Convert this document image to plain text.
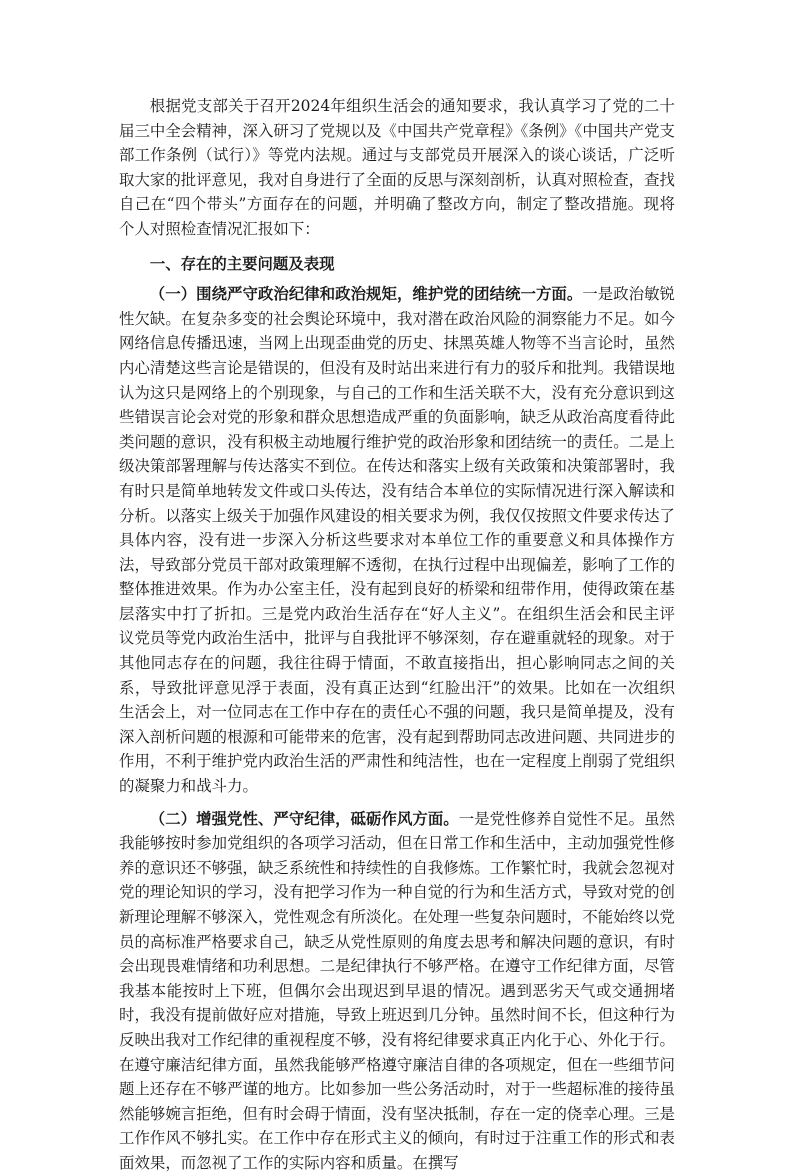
根据党支部关于召开2024年组织生活会的通知要求，我认真学习了党的二十届三中全会精神，深入研习了党规以及《中国共产党章程》《条例》《中国共产党支部工作条例（试行）》等党内法规。通过与支部党员开展深入的谈心谈话，广泛听取大家的批评意见，我对自身进行了全面的反思与深刻剖析，认真对照检查，查找自己在“四个带头”方面存在的问题，并明确了整改方向，制定了整改措施。现将个人对照检查情况汇报如下：

一、存在的主要问题及表现

（一）围绕严守政治纪律和政治规矩，维护党的团结统一方面。一是政治敏锐性欠缺。在复杂多变的社会舆论环境中，我对潜在政治风险的洞察能力不足。如今网络信息传播迅速，当网上出现歪曲党的历史、抹黑英雄人物等不当言论时，虽然内心清楚这些言论是错误的，但没有及时站出来进行有力的驳斥和批判。我错误地认为这只是网络上的个别现象，与自己的工作和生活关联不大，没有充分意识到这些错误言论会对党的形象和群众思想造成严重的负面影响，缺乏从政治高度看待此类问题的意识，没有积极主动地履行维护党的政治形象和团结统一的责任。二是上级决策部署理解与传达落实不到位。在传达和落实上级有关政策和决策部署时，我有时只是简单地转发文件或口头传达，没有结合本单位的实际情况进行深入解读和分析。以落实上级关于加强作风建设的相关要求为例，我仅仅按照文件要求传达了具体内容，没有进一步深入分析这些要求对本单位工作的重要意义和具体操作方法，导致部分党员干部对政策理解不透彻，在执行过程中出现偏差，影响了工作的整体推进效果。作为办公室主任，没有起到良好的桥梁和纽带作用，使得政策在基层落实中打了折扣。三是党内政治生活存在“好人主义”。在组织生活会和民主评议党员等党内政治生活中，批评与自我批评不够深刻，存在避重就轻的现象。对于其他同志存在的问题，我往往碍于情面，不敢直接指出，担心影响同志之间的关系，导致批评意见浮于表面，没有真正达到“红脸出汗”的效果。比如在一次组织生活会上，对一位同志在工作中存在的责任心不强的问题，我只是简单提及，没有深入剖析问题的根源和可能带来的危害，没有起到帮助同志改进问题、共同进步的作用，不利于维护党内政治生活的严肃性和纯洁性，也在一定程度上削弱了党组织的凝聚力和战斗力。

（二）增强党性、严守纪律，砥砺作风方面。一是党性修养自觉性不足。虽然我能够按时参加党组织的各项学习活动，但在日常工作和生活中，主动加强党性修养的意识还不够强，缺乏系统性和持续性的自我修炼。工作繁忙时，我就会忽视对党的理论知识的学习，没有把学习作为一种自觉的行为和生活方式，导致对党的创新理论理解不够深入，党性观念有所淡化。在处理一些复杂问题时，不能始终以党员的高标准严格要求自己，缺乏从党性原则的角度去思考和解决问题的意识，有时会出现畏难情绪和功利思想。二是纪律执行不够严格。在遵守工作纪律方面，尽管我基本能按时上下班，但偶尔会出现迟到早退的情况。遇到恶劣天气或交通拥堵时，我没有提前做好应对措施，导致上班迟到几分钟。虽然时间不长，但这种行为反映出我对工作纪律的重视程度不够，没有将纪律要求真正内化于心、外化于行。在遵守廉洁纪律方面，虽然我能够严格遵守廉洁自律的各项规定，但在一些细节问题上还存在不够严谨的地方。比如参加一些公务活动时，对于一些超标准的接待虽然能够婉言拒绝，但有时会碍于情面，没有坚决抵制，存在一定的侥幸心理。三是工作作风不够扎实。在工作中存在形式主义的倾向，有时过于注重工作的形式和表面效果，而忽视了工作的实际内容和质量。在撰写
